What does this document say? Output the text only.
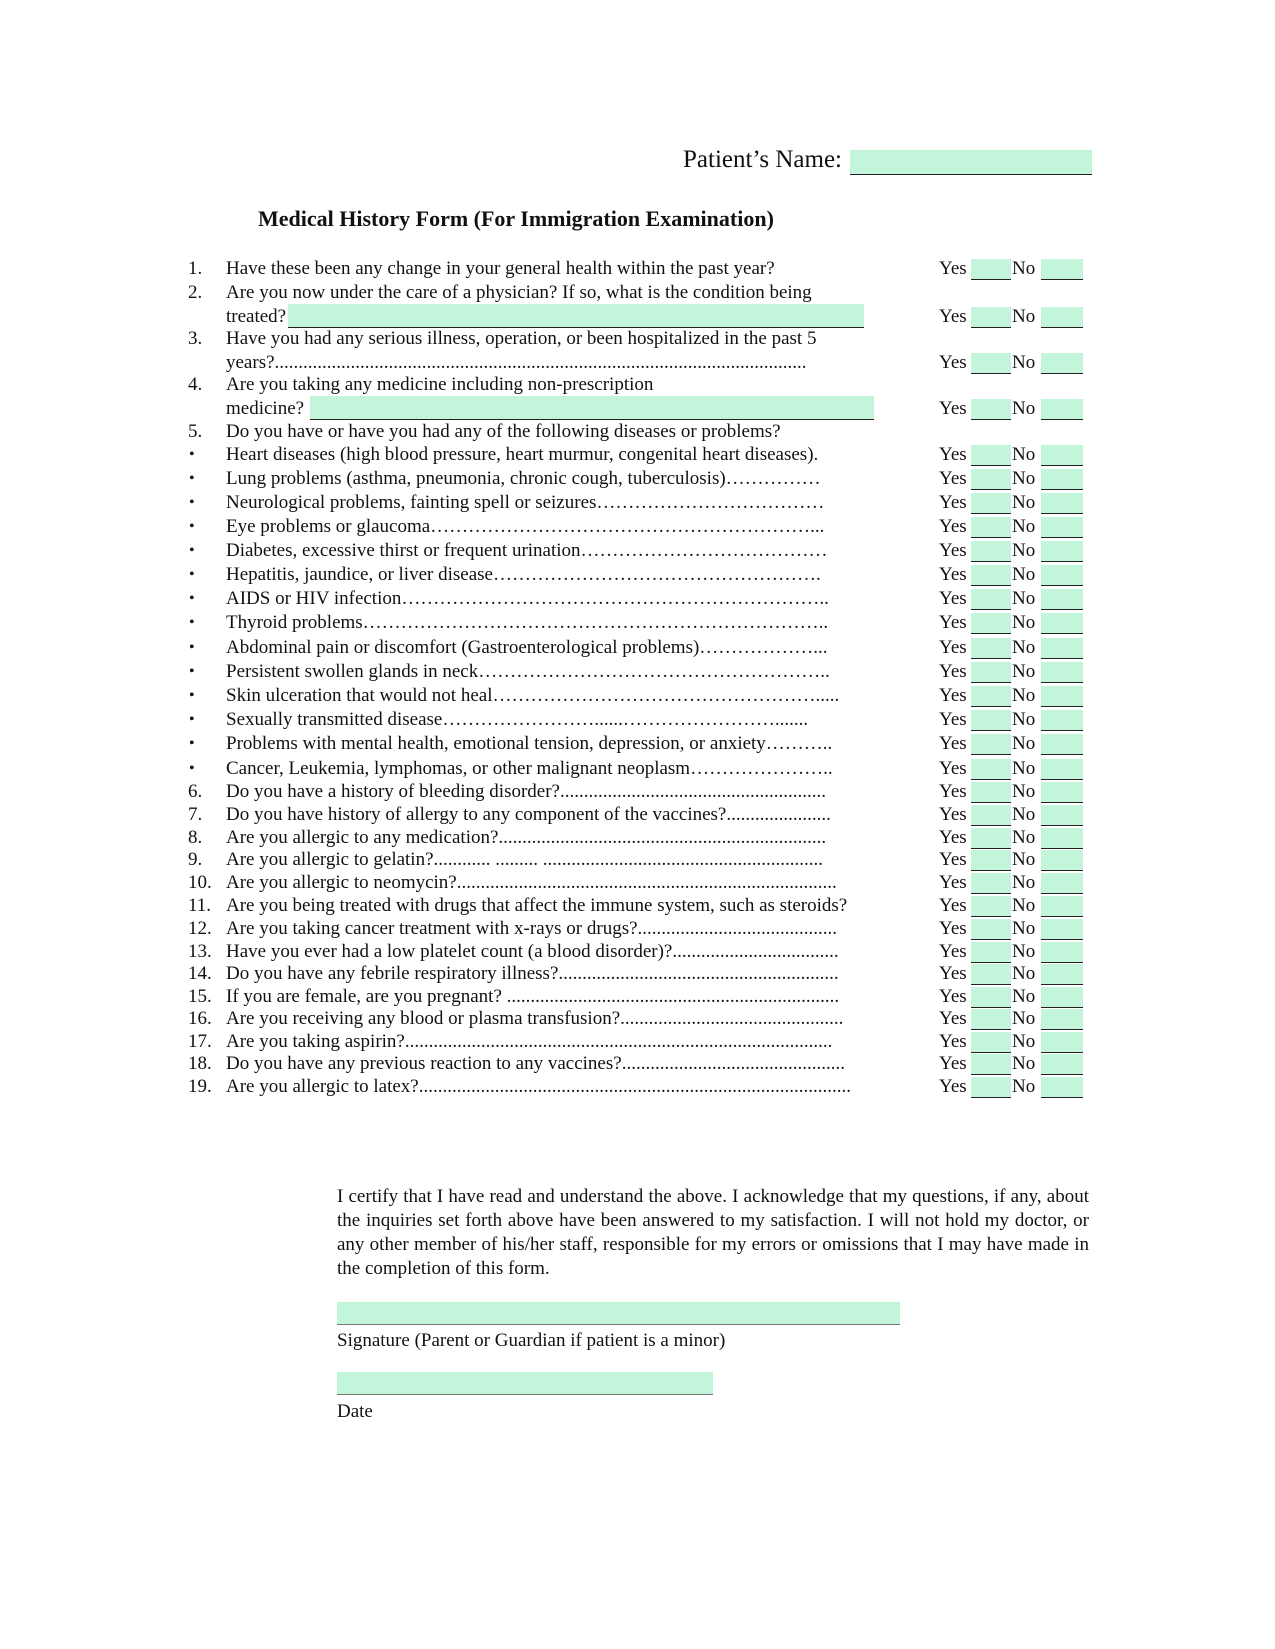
Patient’s Name:
Medical History Form (For Immigration Examination)
1. Have these been any change in your general health within the past year?	Yes No
2. Are you now under the care of a physician? If so, what is the condition being
treated?	Yes No
3. Have you had any serious illness, operation, or been hospitalized in the past 5
years?................................................................................................................	Yes No
4. Are you taking any medicine including non-prescription
medicine?	Yes No
5. Do you have or have you had any of the following diseases or problems?
• Heart diseases (high blood pressure, heart murmur, congenital heart diseases).	Yes No
• Lung problems (asthma, pneumonia, chronic cough, tuberculosis)……………	Yes No
• Neurological problems, fainting spell or seizures………………………………	Yes No
• Eye problems or glaucoma……………………………………………………...	Yes No
• Diabetes, excessive thirst or frequent urination…………………………………	Yes No
• Hepatitis, jaundice, or liver disease…………………………………………….	Yes No
• AIDS or HIV infection…………………………………………………………..	Yes No
• Thyroid problems………………………………………………………………..	Yes No
• Abdominal pain or discomfort (Gastroenterological problems)………………...	Yes No
• Persistent swollen glands in neck………………………………………………..	Yes No
• Skin ulceration that would not heal…………………………………………….....	Yes No
• Sexually transmitted disease……………………......…………………….......	Yes No
• Problems with mental health, emotional tension, depression, or anxiety………..	Yes No
• Cancer, Leukemia, lymphomas, or other malignant neoplasm…………………..	Yes No
6. Do you have a history of bleeding disorder?........................................................	Yes No
7. Do you have history of allergy to any component of the vaccines?......................	Yes No
8. Are you allergic to any medication?.....................................................................	Yes No
9. Are you allergic to gelatin?............ ......... ...........................................................	Yes No
10. Are you allergic to neomycin?................................................................................	Yes No
11. Are you being treated with drugs that affect the immune system, such as steroids?	Yes No
12. Are you taking cancer treatment with x-rays or drugs?..........................................	Yes No
13. Have you ever had a low platelet count (a blood disorder)?...................................	Yes No
14. Do you have any febrile respiratory illness?...........................................................	Yes No
15. If you are female, are you pregnant? ......................................................................	Yes No
16. Are you receiving any blood or plasma transfusion?...............................................	Yes No
17. Are you taking aspirin?..........................................................................................	Yes No
18. Do you have any previous reaction to any vaccines?...............................................	Yes No
19. Are you allergic to latex?...........................................................................................	Yes No
I certify that I have read and understand the above. I acknowledge that my questions, if any, about the inquiries set forth above have been answered to my satisfaction. I will not hold my doctor, or any other member of his/her staff, responsible for my errors or omissions that I may have made in the completion of this form.
Signature (Parent or Guardian if patient is a minor)
Date
